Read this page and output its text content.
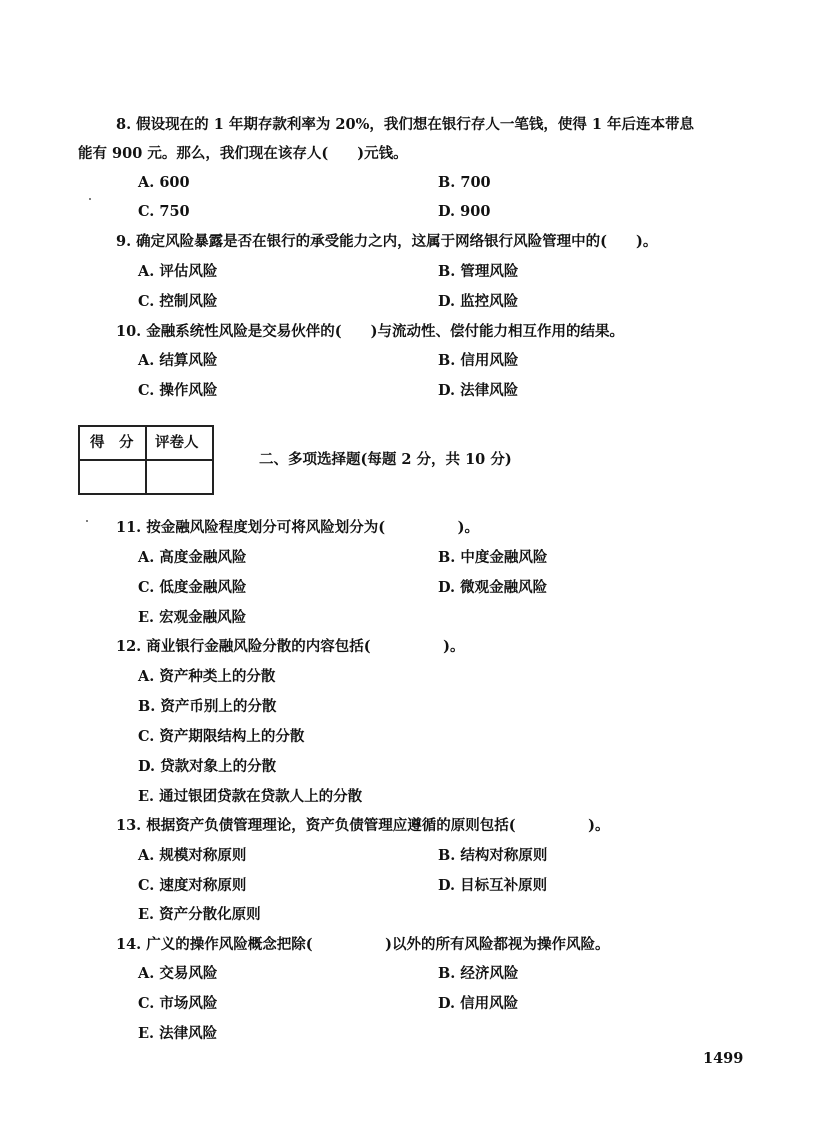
8. 假设现在的 1 年期存款利率为 20%，我们想在银行存人一笔钱，使得 1 年后连本带息
能有 900 元。那么，我们现在该存人(　　)元钱。
A. 600	B. 700
C. 750	D. 900
9. 确定风险暴露是否在银行的承受能力之内，这属于网络银行风险管理中的(　　)。
A. 评估风险	B. 管理风险
C. 控制风险	D. 监控风险
10. 金融系统性风险是交易伙伴的(　　)与流动性、偿付能力相互作用的结果。
A. 结算风险	B. 信用风险
C. 操作风险	D. 法律风险
得　分 评卷人
二、多项选择题(每题 2 分，共 10 分)
11. 按金融风险程度划分可将风险划分为(　　　　　)。
A. 高度金融风险	B. 中度金融风险
C. 低度金融风险	D. 微观金融风险
E. 宏观金融风险
12. 商业银行金融风险分散的内容包括(　　　　　)。
A. 资产种类上的分散
B. 资产币别上的分散
C. 资产期限结构上的分散
D. 贷款对象上的分散
E. 通过银团贷款在贷款人上的分散
13. 根据资产负债管理理论，资产负债管理应遵循的原则包括(　　　　　)。
A. 规模对称原则	B. 结构对称原则
C. 速度对称原则	D. 目标互补原则
E. 资产分散化原则
14. 广义的操作风险概念把除(　　　　　)以外的所有风险都视为操作风险。
A. 交易风险	B. 经济风险
C. 市场风险	D. 信用风险
E. 法律风险
1499
